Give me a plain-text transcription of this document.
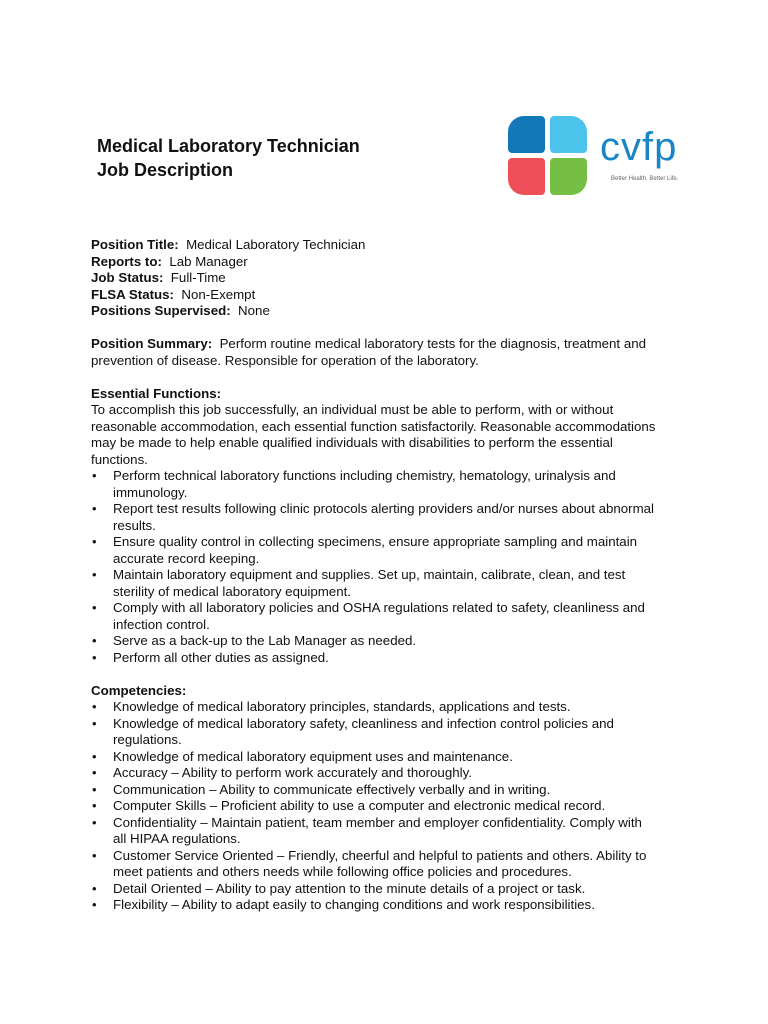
Medical Laboratory Technician
Job Description
cvfp
Better Health. Better Life.
Position Title: Medical Laboratory Technician
Reports to: Lab Manager
Job Status: Full-Time
FLSA Status: Non-Exempt
Positions Supervised: None
Position Summary: Perform routine medical laboratory tests for the diagnosis, treatment and
prevention of disease. Responsible for operation of the laboratory.
Essential Functions:
To accomplish this job successfully, an individual must be able to perform, with or without
reasonable accommodation, each essential function satisfactorily. Reasonable accommodations
may be made to help enable qualified individuals with disabilities to perform the essential
functions.
• Perform technical laboratory functions including chemistry, hematology, urinalysis and
immunology.
• Report test results following clinic protocols alerting providers and/or nurses about abnormal
results.
• Ensure quality control in collecting specimens, ensure appropriate sampling and maintain
accurate record keeping.
• Maintain laboratory equipment and supplies. Set up, maintain, calibrate, clean, and test
sterility of medical laboratory equipment.
• Comply with all laboratory policies and OSHA regulations related to safety, cleanliness and
infection control.
• Serve as a back-up to the Lab Manager as needed.
• Perform all other duties as assigned.
Competencies:
• Knowledge of medical laboratory principles, standards, applications and tests.
• Knowledge of medical laboratory safety, cleanliness and infection control policies and
regulations.
• Knowledge of medical laboratory equipment uses and maintenance.
• Accuracy – Ability to perform work accurately and thoroughly.
• Communication – Ability to communicate effectively verbally and in writing.
• Computer Skills – Proficient ability to use a computer and electronic medical record.
• Confidentiality – Maintain patient, team member and employer confidentiality. Comply with
all HIPAA regulations.
• Customer Service Oriented – Friendly, cheerful and helpful to patients and others. Ability to
meet patients and others needs while following office policies and procedures.
• Detail Oriented – Ability to pay attention to the minute details of a project or task.
• Flexibility – Ability to adapt easily to changing conditions and work responsibilities.
